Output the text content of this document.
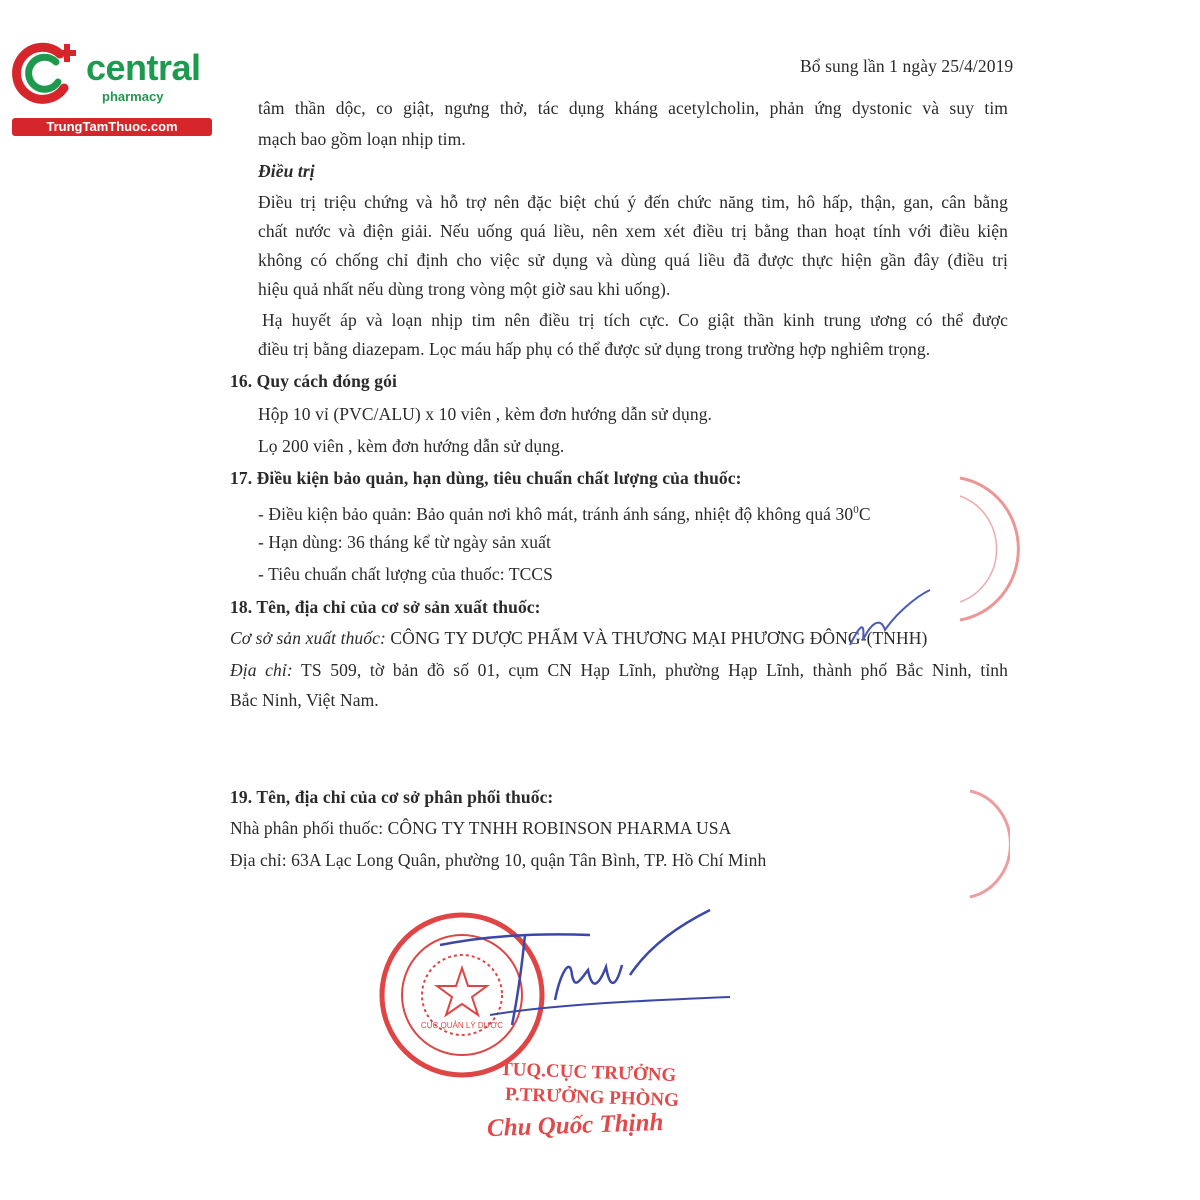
central
pharmacy
TrungTamThuoc.com
Bổ sung lần 1 ngày 25/4/2019
tâm thần dộc, co giật, ngưng thở, tác dụng kháng acetylcholin, phản ứng dystonic và suy tim
mạch bao gồm loạn nhịp tim.
Điều trị
Điều trị triệu chứng và hỗ trợ nên đặc biệt chú ý đến chức năng tim, hô hấp, thận, gan, cân bằng
chất nước và điện giải. Nếu uống quá liều, nên xem xét điều trị bằng than hoạt tính với điều kiện
không có chống chỉ định cho việc sử dụng và dùng quá liều đã được thực hiện gần đây (điều trị
hiệu quả nhất nếu dùng trong vòng một giờ sau khi uống).
Hạ huyết áp và loạn nhịp tim nên điều trị tích cực. Co giật thần kinh trung ương có thể được
điều trị bằng diazepam. Lọc máu hấp phụ có thể được sử dụng trong trường hợp nghiêm trọng.
16. Quy cách đóng gói
Hộp 10 vỉ (PVC/ALU) x 10 viên , kèm đơn hướng dẫn sử dụng.
Lọ 200 viên , kèm đơn hướng dẫn sử dụng.
17. Điều kiện bảo quản, hạn dùng, tiêu chuẩn chất lượng của thuốc:
- Điều kiện bảo quản: Bảo quản nơi khô mát, tránh ánh sáng, nhiệt độ không quá $30^0C$
- Hạn dùng: 36 tháng kể từ ngày sản xuất
- Tiêu chuẩn chất lượng của thuốc: TCCS
18. Tên, địa chỉ của cơ sở sản xuất thuốc:
Cơ sở sản xuất thuốc: CÔNG TY DƯỢC PHẨM VÀ THƯƠNG MẠI PHƯƠNG ĐÔNG-(TNHH)
Địa chỉ: TS 509, tờ bản đồ số 01, cụm CN Hạp Lĩnh, phường Hạp Lĩnh, thành phố Bắc Ninh, tỉnh
Bắc Ninh, Việt Nam.
19. Tên, địa chỉ của cơ sở phân phối thuốc:
Nhà phân phối thuốc: CÔNG TY TNHH ROBINSON PHARMA USA
Địa chỉ: 63A Lạc Long Quân, phường 10, quận Tân Bình, TP. Hồ Chí Minh
CỤC QUẢN LÝ DƯỢC
TUQ.CỤC TRƯỞNG
P.TRƯỞNG PHÒNG
Chu Quốc Thịnh
